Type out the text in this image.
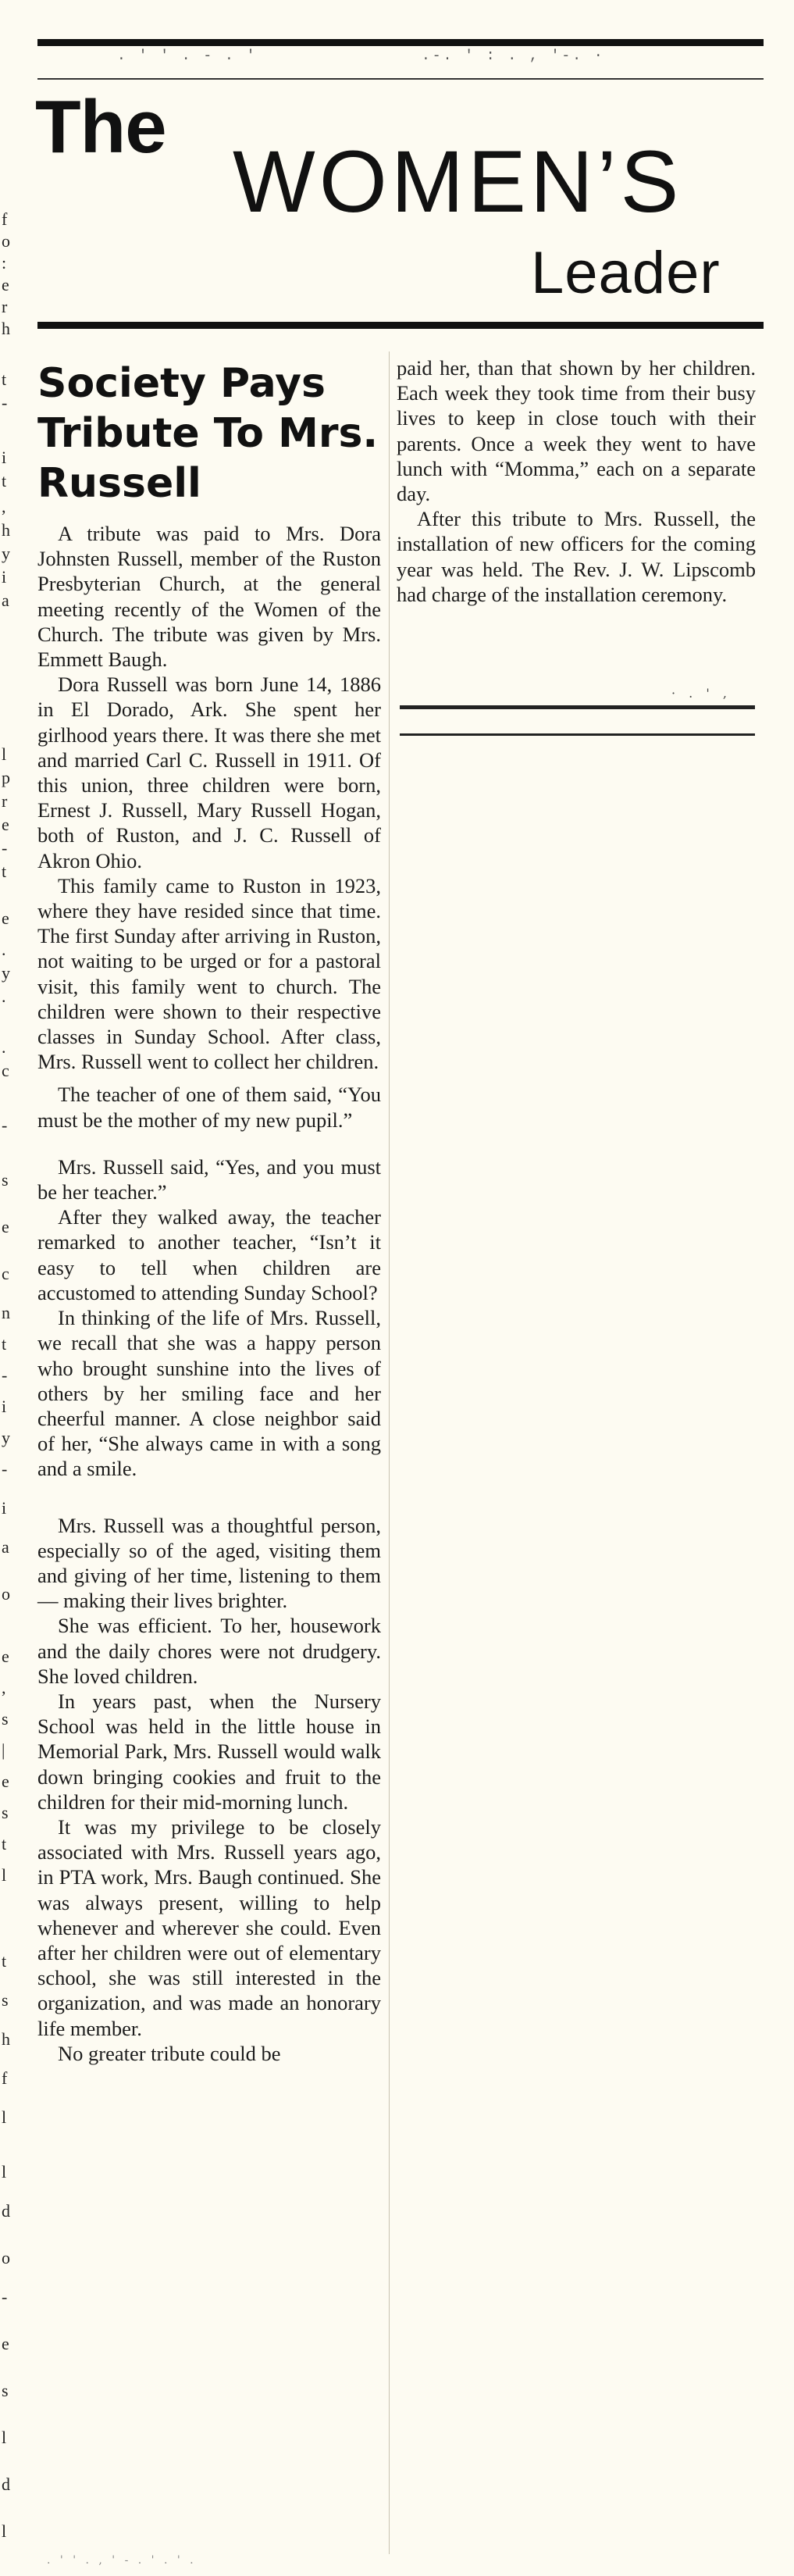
f
o
:
e
r
h
t
-
i
t
,
h
y
i
a
l
p
r
e
-
t
e
.
y
.
.
c
-
s
e
c
n
t
-
i
y
-
i
a
o
e
,
s
|
e
s
t
l
t
s
h
f
l
l
d
o
-
e
s
l
d
l
. ' ' . - . '	.-. ' : . , '-. ·
The
WOMEN’S
Leader
Society Pays Tribute To Mrs. Russell

A tribute was paid to Mrs. Dora Johnsten Russell, member of the Ruston Presbyterian Church, at the general meeting recently of the Women of the Church. The tribute was given by Mrs. Emmett Baugh.

Dora Russell was born June 14, 1886 in El Dorado, Ark. She spent her girlhood years there. It was there she met and married Carl C. Russell in 1911. Of this union, three children were born, Ernest J. Russell, Mary Russell Hogan, both of Ruston, and J. C. Russell of Akron Ohio.

This family came to Ruston in 1923, where they have resided since that time. The first Sunday after arriving in Ruston, not waiting to be urged or for a pastoral visit, this family went to church. The children were shown to their respective classes in Sunday School. After class, Mrs. Russell went to collect her children.

The teacher of one of them said, “You must be the mother of my new pupil.”

Mrs. Russell said, “Yes, and you must be her teacher.”

After they walked away, the teacher remarked to another teacher, “Isn’t it easy to tell when children are accustomed to attending Sunday School?

In thinking of the life of Mrs. Russell, we recall that she was a happy person who brought sunshine into the lives of others by her smiling face and her cheerful manner. A close neighbor said of her, “She always came in with a song and a smile.

Mrs. Russell was a thoughtful person, especially so of the aged, visiting them and giving of her time, listening to them — making their lives brighter.

She was efficient. To her, housework and the daily chores were not drudgery. She loved children.

In years past, when the Nursery School was held in the little house in Memorial Park, Mrs. Russell would walk down bringing cookies and fruit to the children for their mid-morning lunch.

It was my privilege to be closely associated with Mrs. Russell years ago, in PTA work, Mrs. Baugh continued. She was always present, willing to help whenever and wherever she could. Even after her children were out of elementary school, she was still interested in the organization, and was made an honorary life member.

No greater tribute could be

paid her, than that shown by her children. Each week they took time from their busy lives to keep in close touch with their parents. Once a week they went to have lunch with “Momma,” each on a separate day.

After this tribute to Mrs. Russell, the installation of new officers for the coming year was held. The Rev. J. W. Lipscomb had charge of the installation ceremony.

· . ' ,
. ' ' . , ' - . ' . ' .
